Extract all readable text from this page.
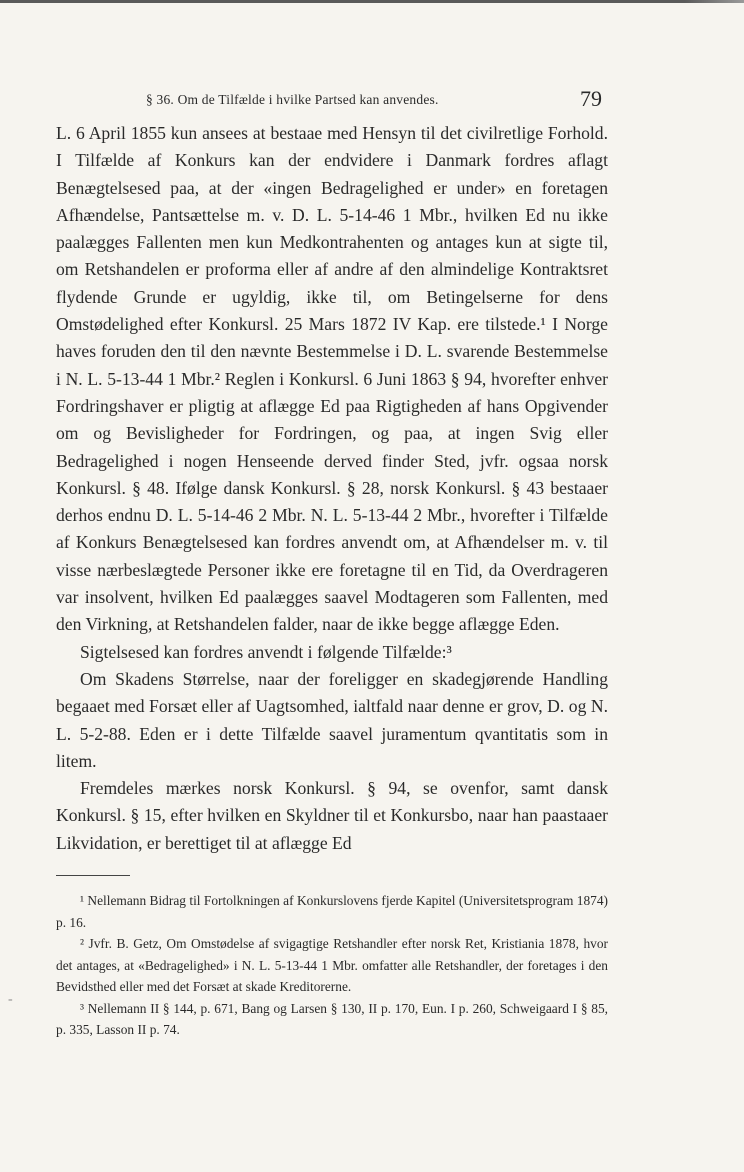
§ 36. Om de Tilfælde i hvilke Partsed kan anvendes.	79

L. 6 April 1855 kun ansees at bestaae med Hensyn til det civilretlige Forhold. I Tilfælde af Konkurs kan der endvidere i Danmark fordres aflagt Benægtelsesed paa, at der «ingen Bedragelighed er under» en foretagen Afhændelse, Pantsættelse m. v. D. L. 5-14-46 1 Mbr., hvilken Ed nu ikke paalægges Fallenten men kun Medkontrahenten og antages kun at sigte til, om Retshandelen er proforma eller af andre af den almindelige Kontraktsret flydende Grunde er ugyldig, ikke til, om Betingelserne for dens Omstødelighed efter Konkursl. 25 Mars 1872 IV Kap. ere tilstede.¹ I Norge haves foruden den til den nævnte Bestemmelse i D. L. svarende Bestemmelse i N. L. 5-13-44 1 Mbr.² Reglen i Konkursl. 6 Juni 1863 § 94, hvorefter enhver Fordringshaver er pligtig at aflægge Ed paa Rigtigheden af hans Opgivender om og Bevisligheder for Fordringen, og paa, at ingen Svig eller Bedragelighed i nogen Henseende derved finder Sted, jvfr. ogsaa norsk Konkursl. § 48. Ifølge dansk Konkursl. § 28, norsk Konkursl. § 43 bestaaer derhos endnu D. L. 5-14-46 2 Mbr. N. L. 5-13-44 2 Mbr., hvorefter i Tilfælde af Konkurs Benægtelsesed kan fordres anvendt om, at Afhændelser m. v. til visse nærbeslægtede Personer ikke ere foretagne til en Tid, da Overdrageren var insolvent, hvilken Ed paalægges saavel Modtageren som Fallenten, med den Virkning, at Retshandelen falder, naar de ikke begge aflægge Eden.

Sigtelsesed kan fordres anvendt i følgende Tilfælde:³

Om Skadens Størrelse, naar der foreligger en skadegjørende Handling begaaet med Forsæt eller af Uagtsomhed, ialtfald naar denne er grov, D. og N. L. 5-2-88. Eden er i dette Tilfælde saavel juramentum qvantitatis som in litem.

Fremdeles mærkes norsk Konkursl. § 94, se ovenfor, samt dansk Konkursl. § 15, efter hvilken en Skyldner til et Konkursbo, naar han paastaaer Likvidation, er berettiget til at aflægge Ed

¹ Nellemann Bidrag til Fortolkningen af Konkurslovens fjerde Kapitel (Universitetsprogram 1874) p. 16.

² Jvfr. B. Getz, Om Omstødelse af svigagtige Retshandler efter norsk Ret, Kristiania 1878, hvor det antages, at «Bedragelighed» i N. L. 5-13-44 1 Mbr. omfatter alle Retshandler, der foretages i den Bevidsthed eller med det Forsæt at skade Kreditorerne.

³ Nellemann II § 144, p. 671, Bang og Larsen § 130, II p. 170, Eun. I p. 260, Schweigaard I § 85, p. 335, Lasson II p. 74.

-
